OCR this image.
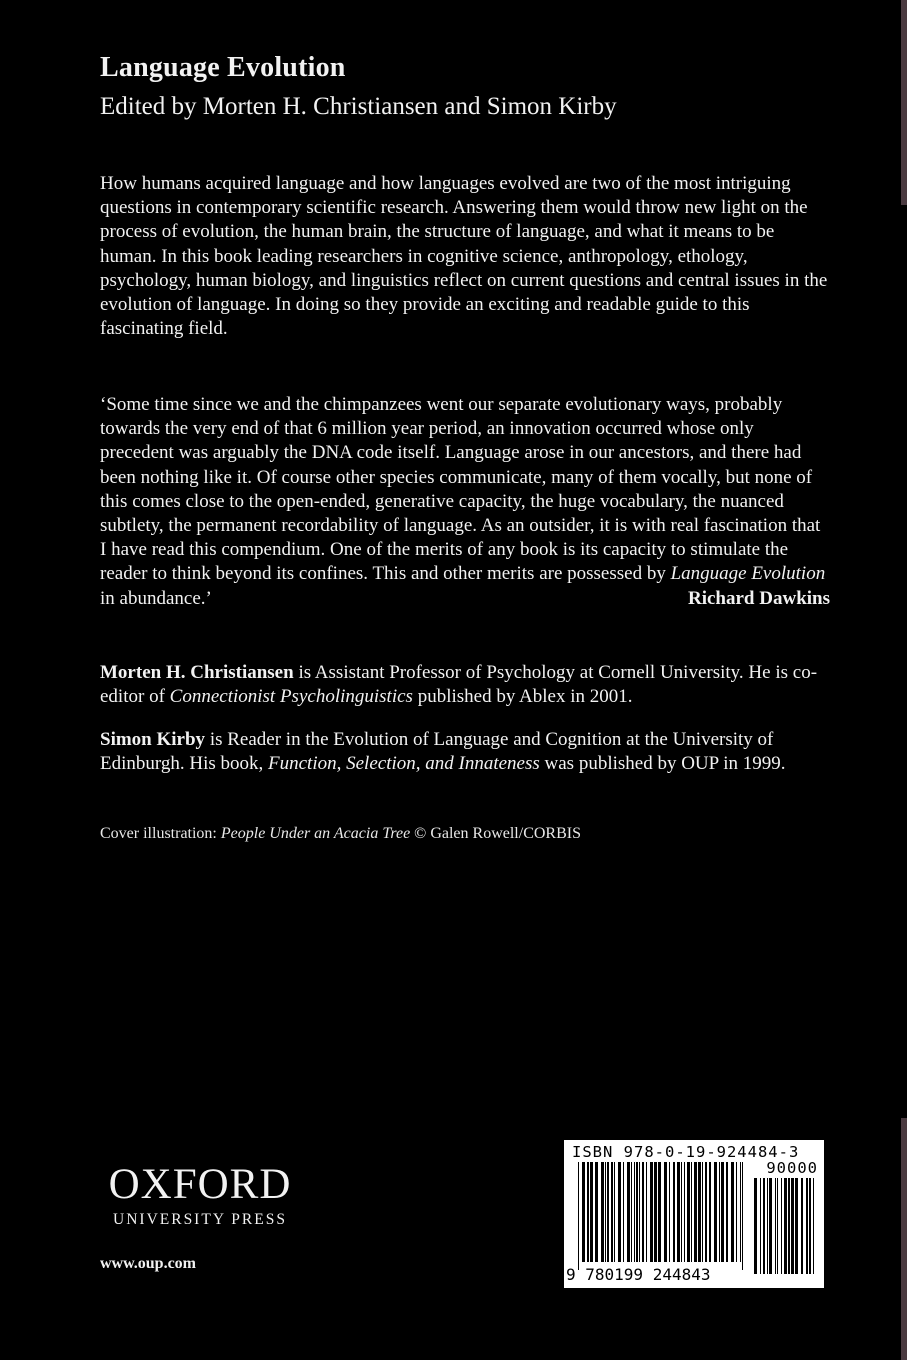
Language Evolution
Edited by Morten H. Christiansen and Simon Kirby

How humans acquired language and how languages evolved are two of the most intriguing questions in contemporary scientific research. Answering them would throw new light on the process of evolution, the human brain, the structure of language, and what it means to be human. In this book leading researchers in cognitive science, anthropology, ethology, psychology, human biology, and linguistics reflect on current questions and central issues in the evolution of language. In doing so they provide an exciting and readable guide to this fascinating field.

‘Some time since we and the chimpanzees went our separate evolutionary ways, probably towards the very end of that 6 million year period, an innovation occurred whose only precedent was arguably the DNA code itself. Language arose in our ancestors, and there had been nothing like it. Of course other species communicate, many of them vocally, but none of this comes close to the open-ended, generative capacity, the huge vocabulary, the nuanced subtlety, the permanent recordability of language. As an outsider, it is with real fascination that I have read this compendium. One of the merits of any book is its capacity to stimulate the reader to think beyond its confines. This and other merits are possessed by Language Evolution in abundance.’	Richard Dawkins

Morten H. Christiansen is Assistant Professor of Psychology at Cornell University. He is co-editor of Connectionist Psycholinguistics published by Ablex in 2001.

Simon Kirby is Reader in the Evolution of Language and Cognition at the University of Edinburgh. His book, Function, Selection, and Innateness was published by OUP in 1999.

Cover illustration: People Under an Acacia Tree © Galen Rowell/CORBIS

OXFORD
UNIVERSITY PRESS
www.oup.com
ISBN 978-0-19-924484-3
90000
9 780199 244843
